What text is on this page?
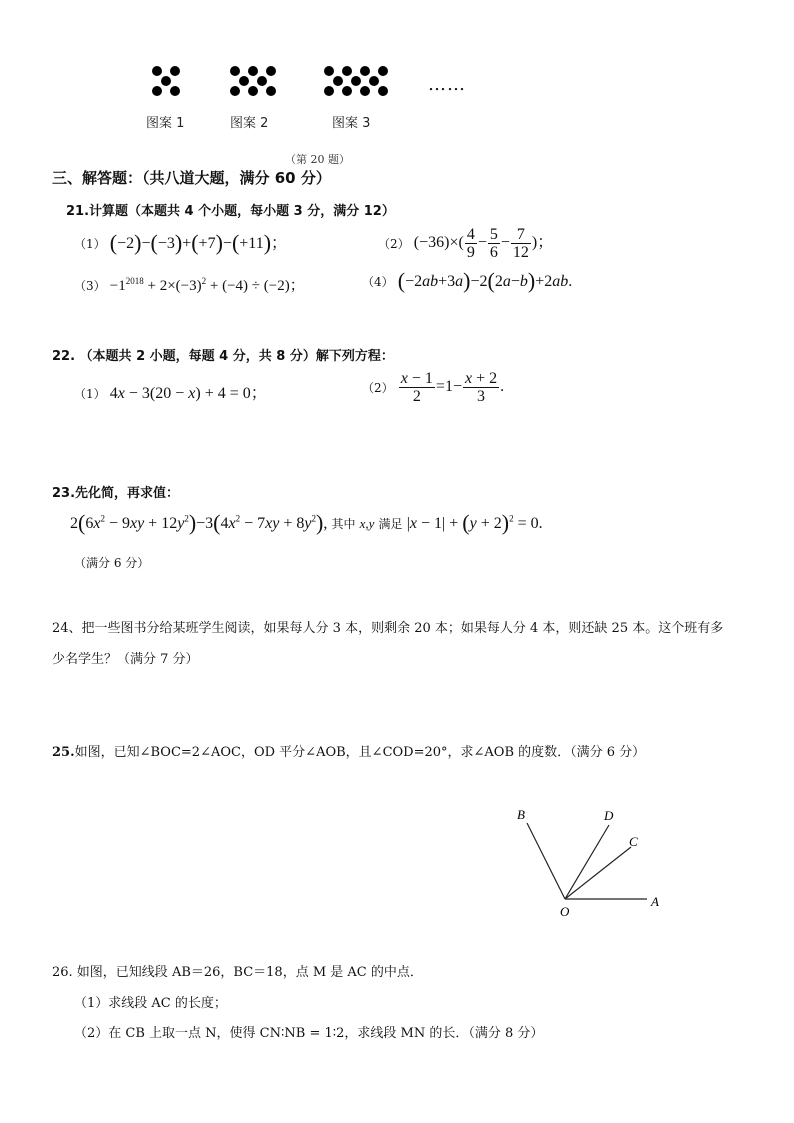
……
图案 1	图案 2	图案 3
（第 20 题）
三、解答题：（共八道大题，满分 60 分）
21.计算题（本题共 4 个小题，每小题 3 分，满分 12）
（1） (−2)−(−3)+(+7)−(+11)；	（2） $(-36)\times( \frac{4}{9} - \frac{5}{6} - \frac{7}{12}$ )；
$(3) -1^{2018} + 2\times(-3)^2 + (-4) \div (-2)$；	（4） (−2ab+3a)−2(2a−b)+2ab.
22. （本题共 2 小题，每题 4 分，共 8 分）解下列方程：
（1） 4x − 3(20 − x) + 4 = 0；	$(2) \frac{x - 1}{2} =1- \frac{x + 2}{3}$ .
23.先化简，再求值：
$2(6x^2 - 9xy + 12y^2)-3(4x^2 - 7xy + 8y^2)$, 其中 x,y 满足 $|x - 1| + (y + 2)^2 = 0$.
（满分 6 分）
24、把一些图书分给某班学生阅读，如果每人分 3 本，则剩余 20 本；如果每人分 4 本，则还缺 25 本。这个班有多
少名学生？（满分 7 分）
25.如图，已知∠BOC=2∠AOC，OD 平分∠AOB，且∠COD=20°，求∠AOB 的度数．（满分 6 分）
B	D
C
O
A
26. 如图，已知线段 AB＝26，BC＝18，点 M 是 AC 的中点．
（1）求线段 AC 的长度；
（2）在 CB 上取一点 N，使得 CN∶NB = 1∶2，求线段 MN 的长．（满分 8 分）
